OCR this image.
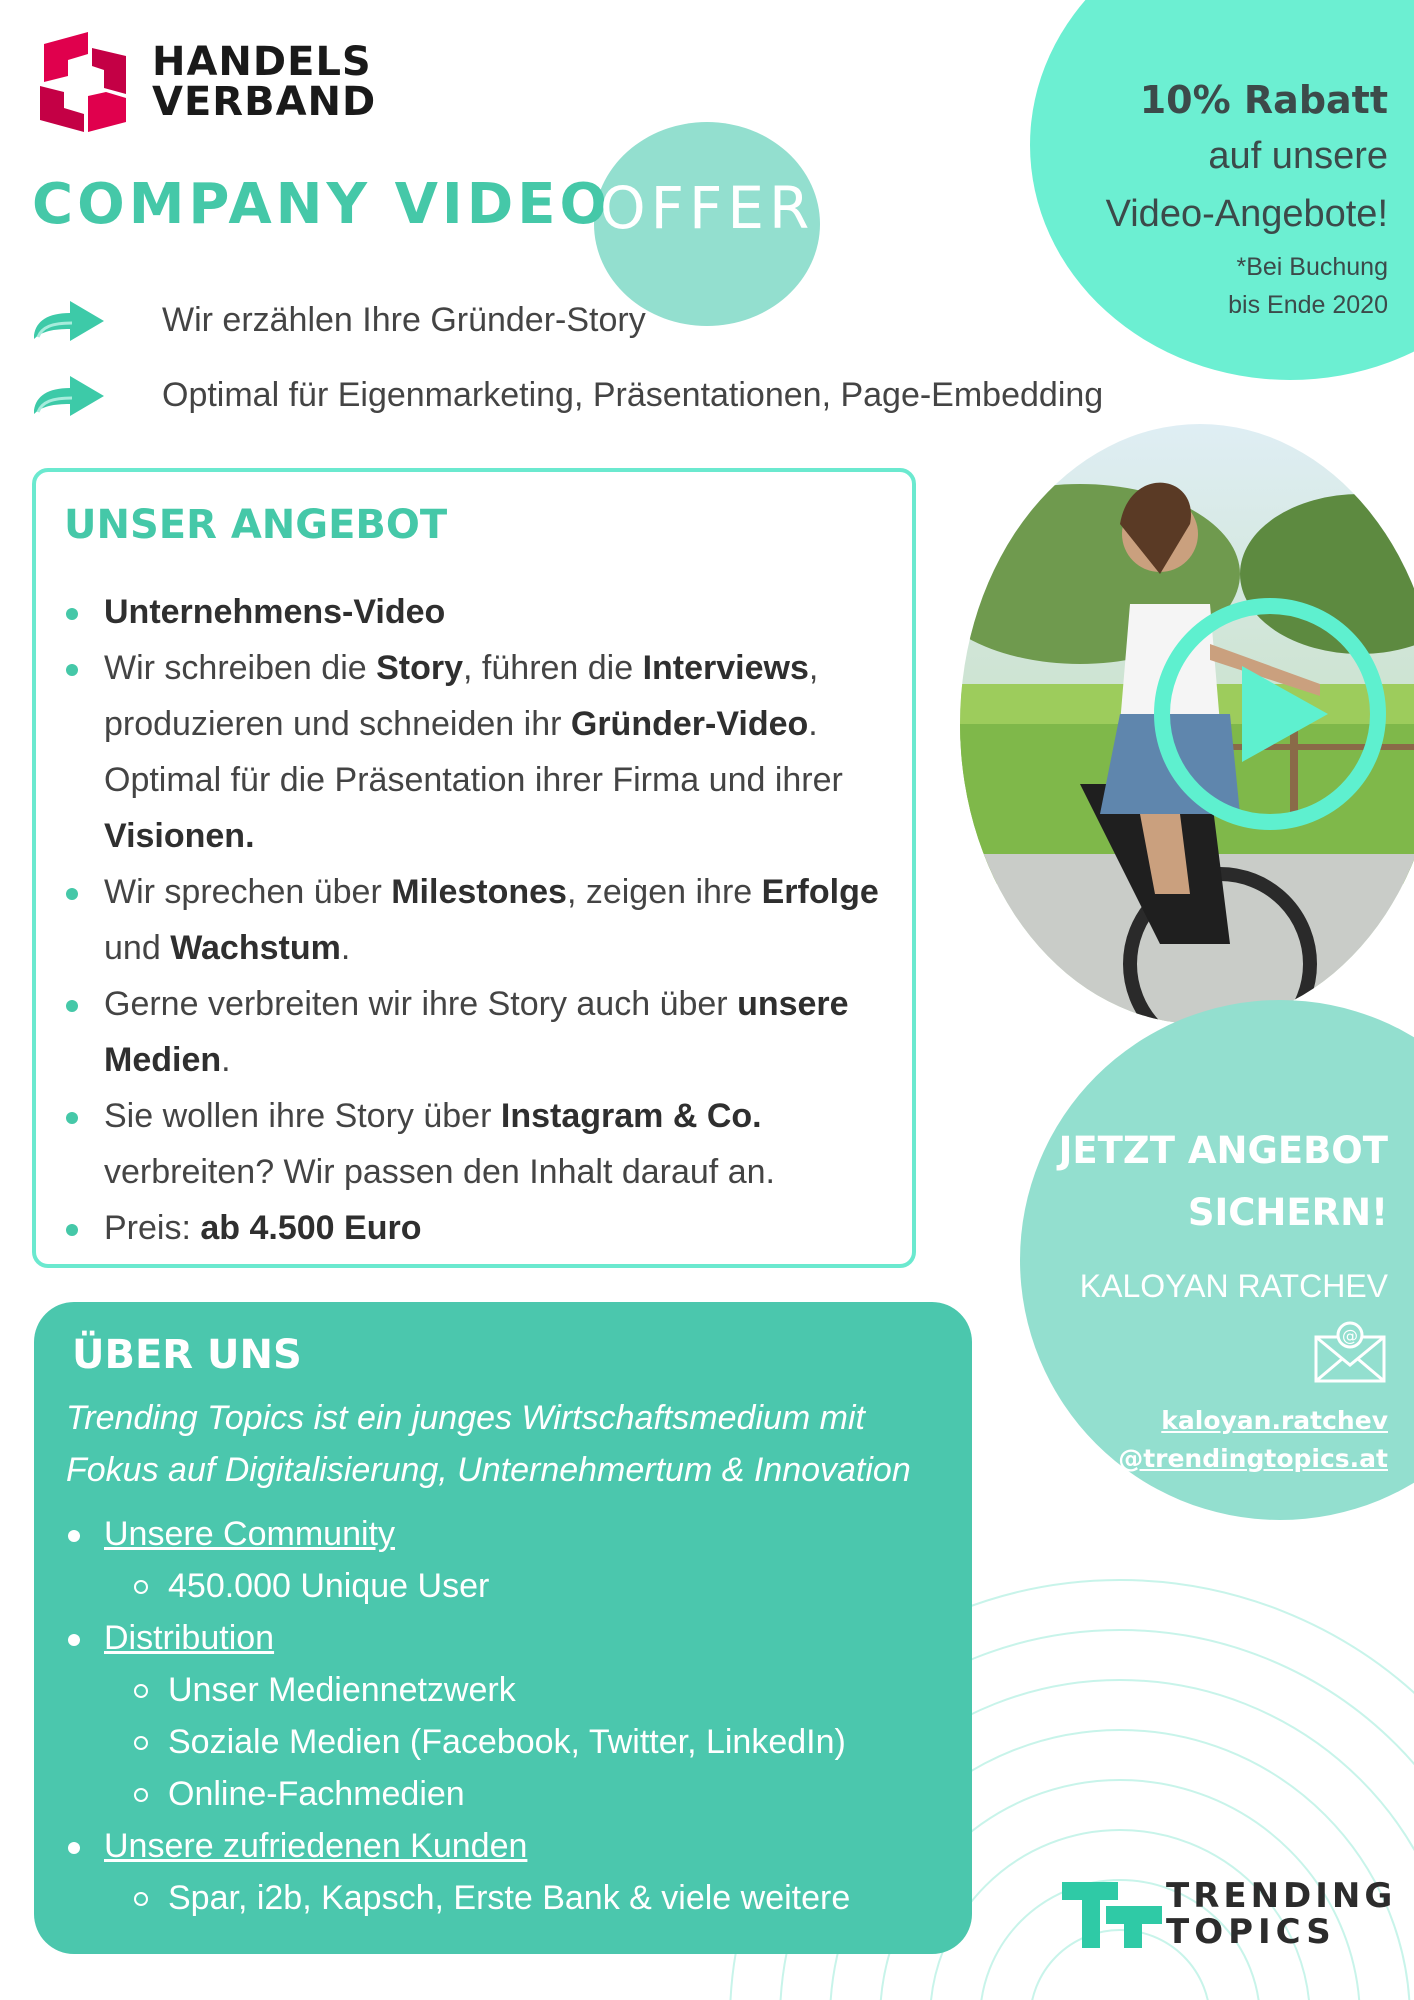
HANDELS
VERBAND
COMPANY VIDEO
OFFER
10% Rabatt
auf unsere
Video-Angebote!
*Bei Buchung
bis Ende 2020
Wir erzählen Ihre Gründer-Story
Optimal für Eigenmarketing, Präsentationen, Page-Embedding
UNSER ANGEBOT
Unternehmens-Video
Wir schreiben die Story, führen die Interviews, produzieren und schneiden ihr Gründer-Video. Optimal für die Präsentation ihrer Firma und ihrer Visionen.
Wir sprechen über Milestones, zeigen ihre Erfolge und Wachstum.
Gerne verbreiten wir ihre Story auch über unsere Medien.
Sie wollen ihre Story über Instagram & Co. verbreiten? Wir passen den Inhalt darauf an.
Preis: ab 4.500 Euro
JETZT ANGEBOT
SICHERN!
KALOYAN RATCHEV
@
kaloyan.ratchev
@trendingtopics.at
ÜBER UNS
Trending Topics ist ein junges Wirtschaftsmedium mit Fokus auf Digitalisierung, Unternehmertum & Innovation
Unsere Community
450.000 Unique User
Distribution
Unser Mediennetzwerk
Soziale Medien (Facebook, Twitter, LinkedIn)
Online-Fachmedien
Unsere zufriedenen Kunden
Spar, i2b, Kapsch, Erste Bank & viele weitere	TRENDING
TOPICS
